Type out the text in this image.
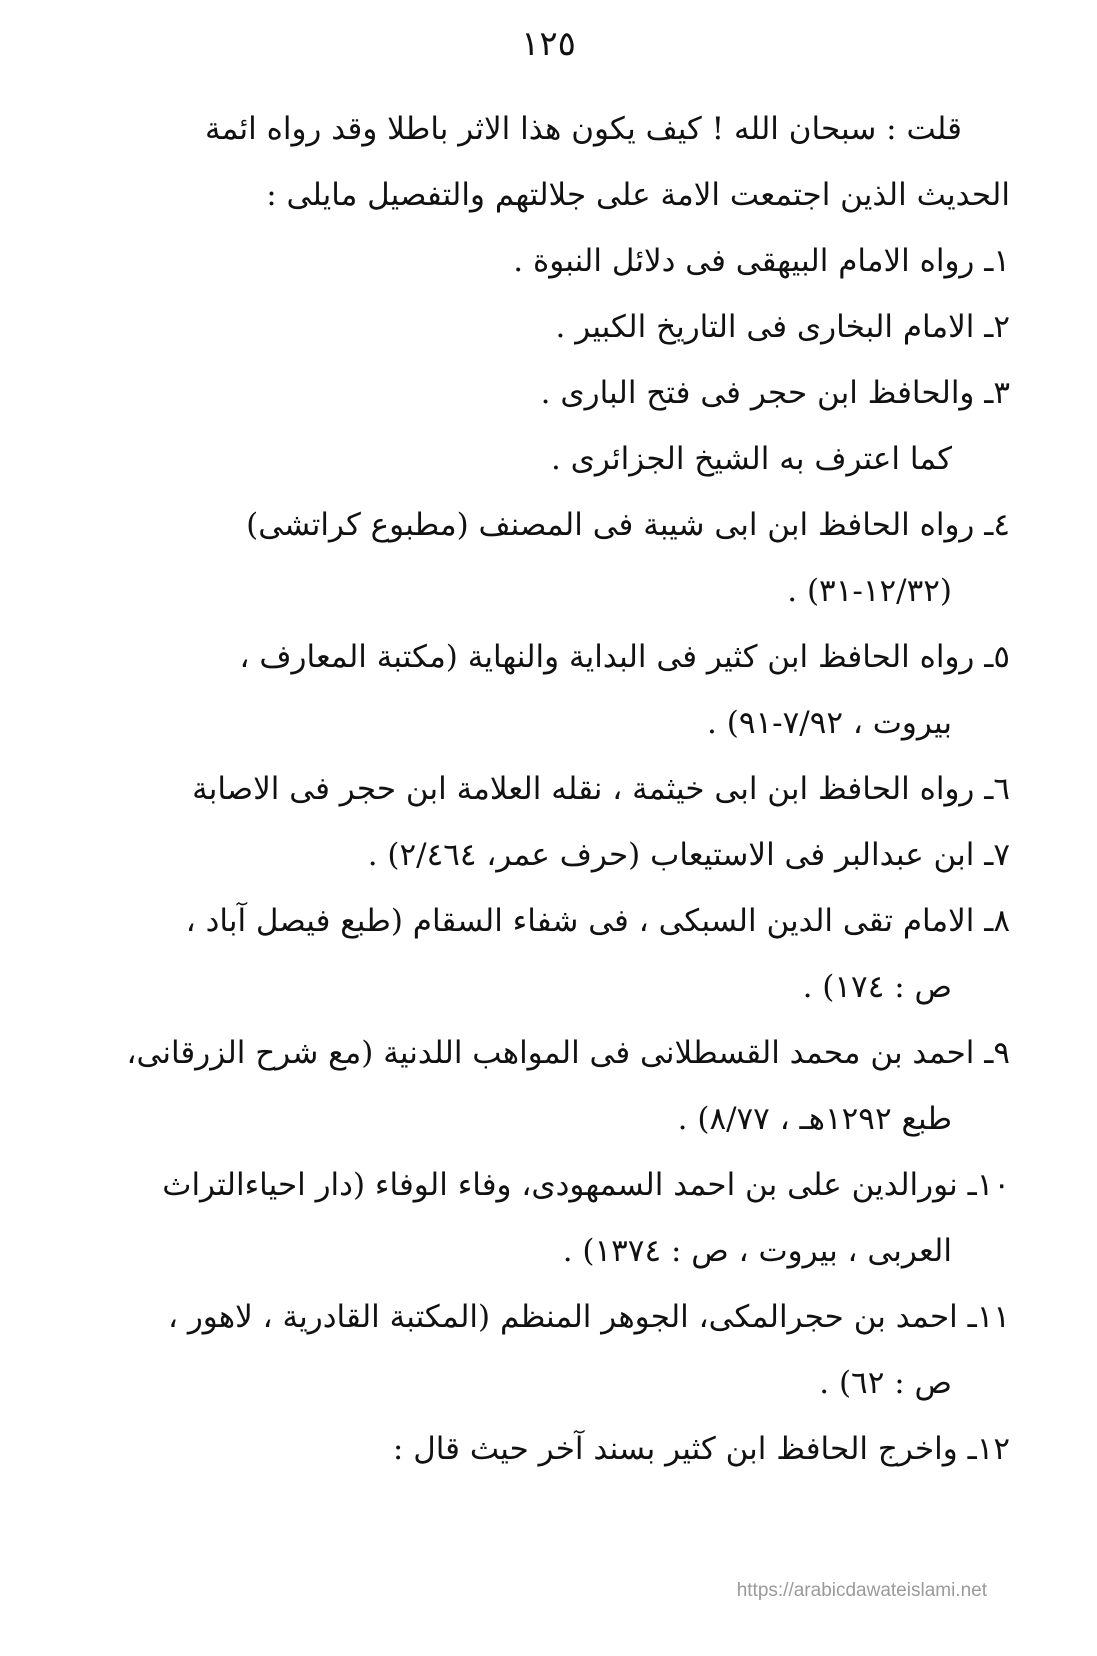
١٢٥
قلت : سبحان الله ! كيف يكون هذا الاثر باطلا وقد رواه ائمة
الحديث الذين اجتمعت الامة على جلالتهم والتفصيل مايلى :
١ـ رواه الامام البيهقى فى دلائل النبوة .
٢ـ الامام البخارى فى التاريخ الكبير .
٣ـ والحافظ ابن حجر فى فتح البارى .
كما اعترف به الشيخ الجزائرى .
٤ـ رواه الحافظ ابن ابى شيبة فى المصنف (مطبوع كراتشى)
(١٢/٣٢-٣١) .
٥ـ رواه الحافظ ابن كثير فى البداية والنهاية (مكتبة المعارف ،
بيروت ، ٧/٩٢-٩١) .
٦ـ رواه الحافظ ابن ابى خيثمة ، نقله العلامة ابن حجر فى الاصابة
٧ـ ابن عبدالبر فى الاستيعاب (حرف عمر، ٢/٤٦٤) .
٨ـ الامام تقى الدين السبكى ، فى شفاء السقام (طبع فيصل آباد ،
ص : ١٧٤) .
٩ـ احمد بن محمد القسطلانى فى المواهب اللدنية (مع شرح الزرقانى،
طبع ١٢٩٢هـ ، ٨/٧٧) .
١٠ـ نورالدين على بن احمد السمهودى، وفاء الوفاء (دار احياءالتراث
العربى ، بيروت ، ص : ١٣٧٤) .
١١ـ احمد بن حجرالمكى، الجوهر المنظم (المكتبة القادرية ، لاهور ،
ص : ٦٢) .
١٢ـ واخرج الحافظ ابن كثير بسند آخر حيث قال :
https://arabicdawateislami.net
